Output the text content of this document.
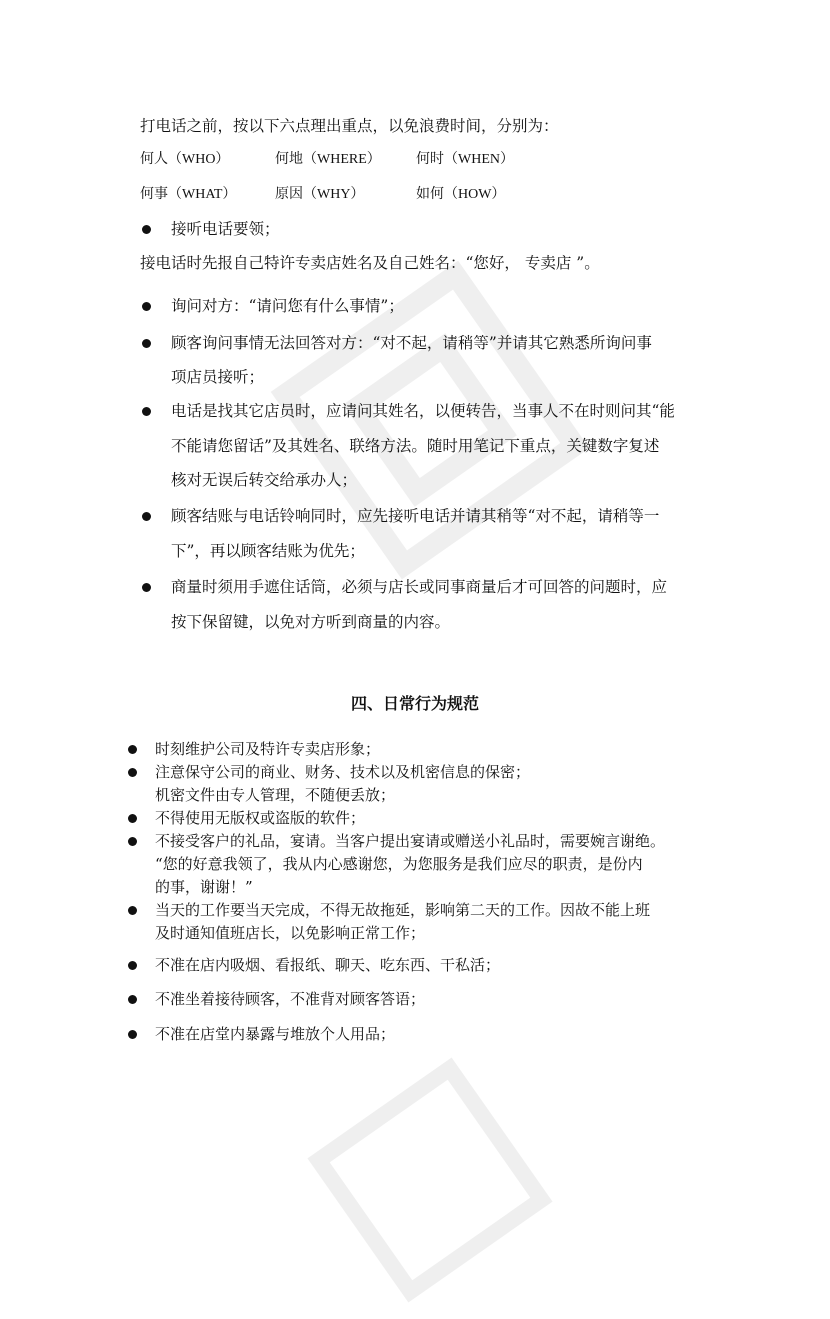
打电话之前，按以下六点理出重点，以免浪费时间，分别为：
何人（WHO）	何地（WHERE）	何时（WHEN）
何事（WHAT）	原因（WHY）	如何（HOW）
接听电话要领；
接电话时先报自己特许专卖店姓名及自己姓名：“您好， 专卖店 ”。
询问对方：“请问您有什么事情”；
顾客询问事情无法回答对方：“对不起，请稍等”并请其它熟悉所询问事
项店员接听；
电话是找其它店员时，应请问其姓名，以便转告，当事人不在时则问其“能
不能请您留话”及其姓名、联络方法。随时用笔记下重点，关键数字复述
核对无误后转交给承办人；
顾客结账与电话铃响同时，应先接听电话并请其稍等“对不起，请稍等一
下”，再以顾客结账为优先；
商量时须用手遮住话筒，必须与店长或同事商量后才可回答的问题时，应
按下保留键，以免对方听到商量的内容。
四、日常行为规范
时刻维护公司及特许专卖店形象；
注意保守公司的商业、财务、技术以及机密信息的保密；
机密文件由专人管理，不随便丢放；
不得使用无版权或盗版的软件；
不接受客户的礼品，宴请。当客户提出宴请或赠送小礼品时，需要婉言谢绝。
“您的好意我领了，我从内心感谢您，为您服务是我们应尽的职责，是份内
的事，谢谢！”
当天的工作要当天完成，不得无故拖延，影响第二天的工作。因故不能上班
及时通知值班店长，以免影响正常工作；
不准在店内吸烟、看报纸、聊天、吃东西、干私活；
不准坐着接待顾客，不准背对顾客答语；
不准在店堂内暴露与堆放个人用品；
